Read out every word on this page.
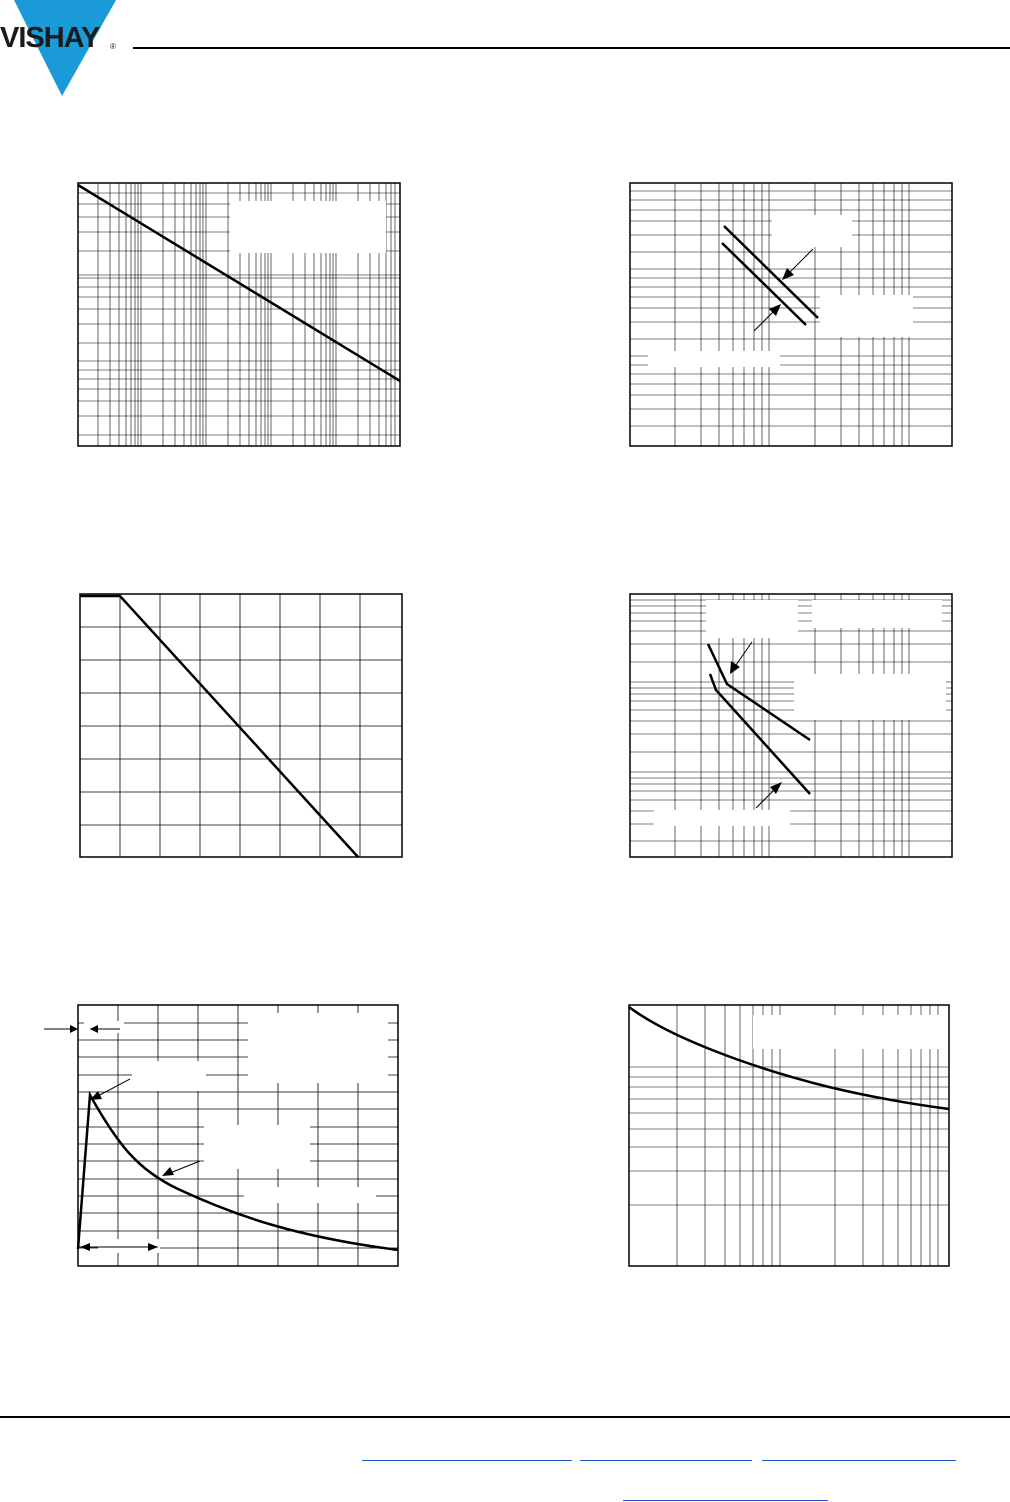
VISHAY ®
